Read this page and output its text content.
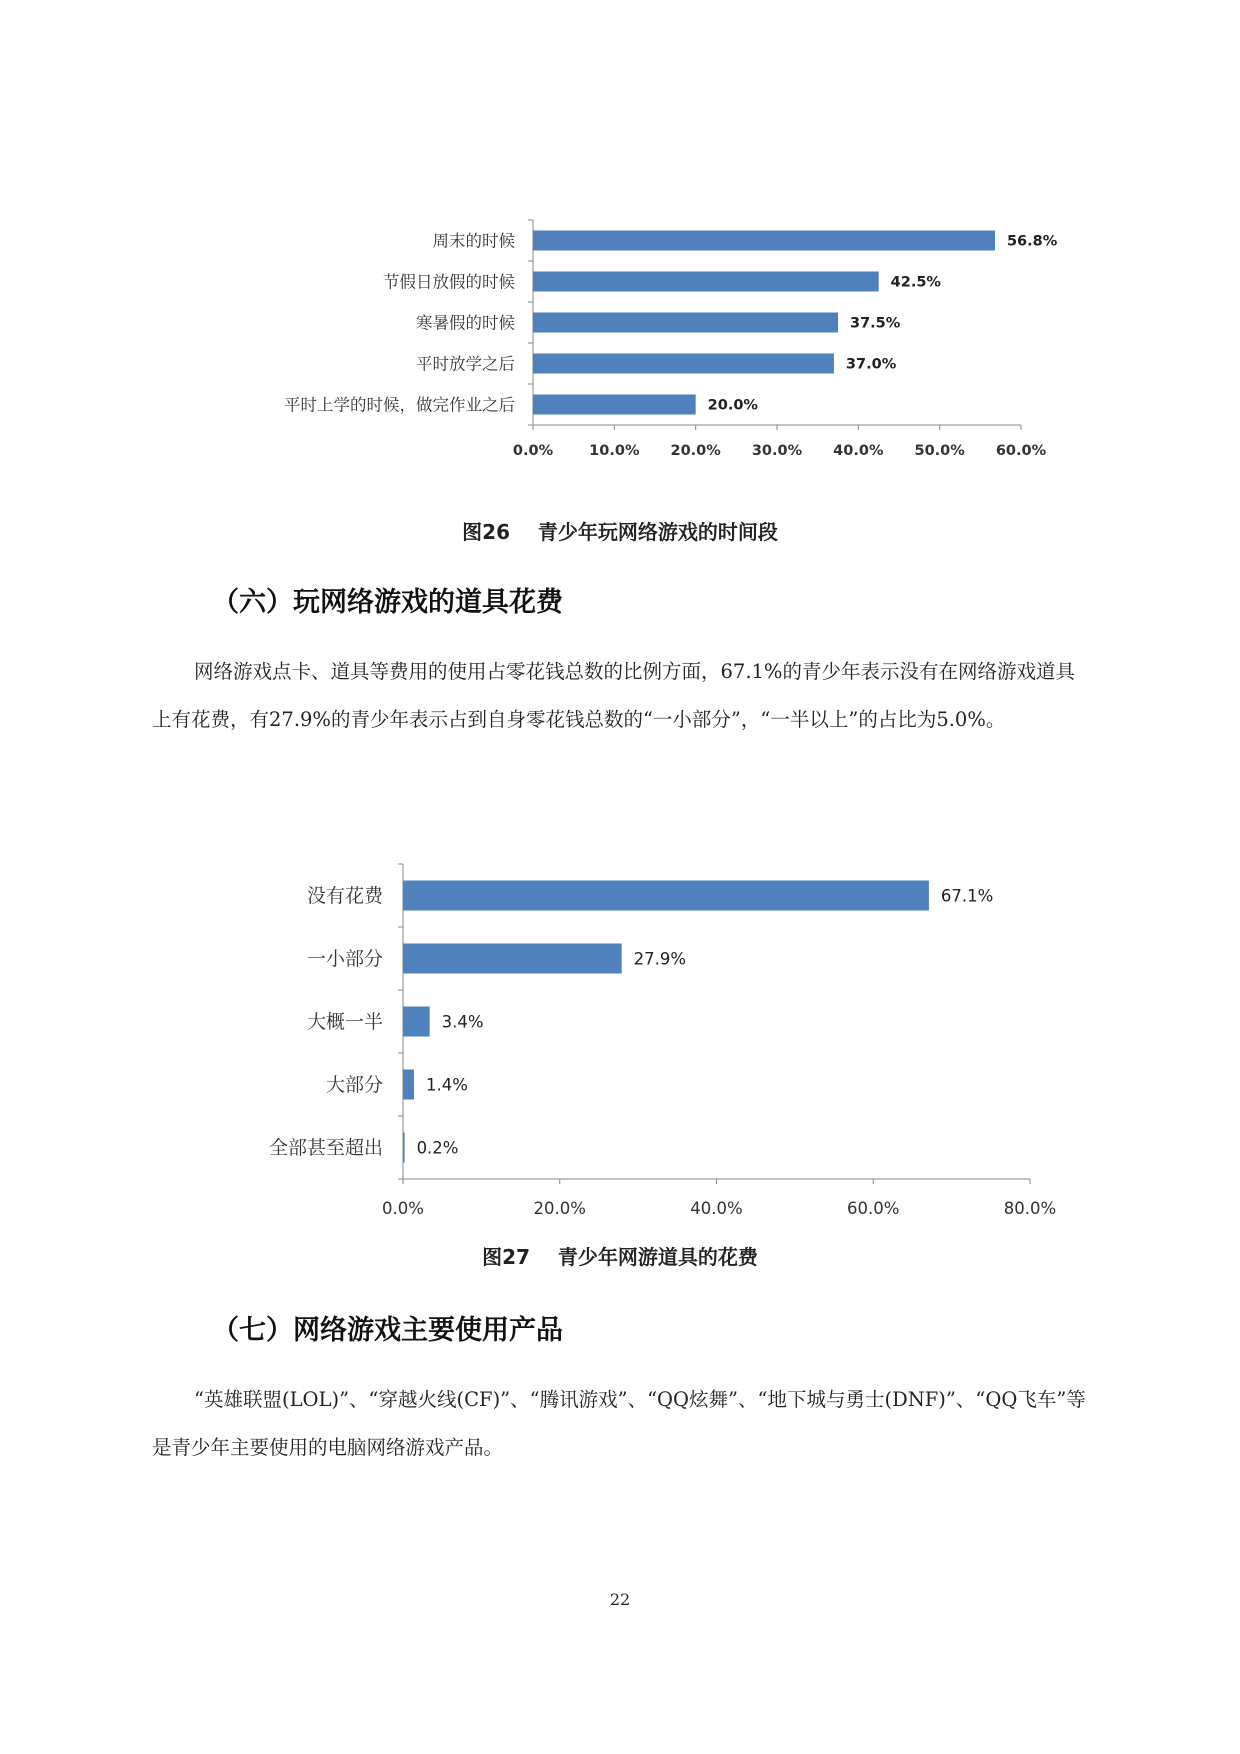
0.0% 10.0% 20.0% 30.0% 40.0% 50.0% 60.0%
周末的时候	56.8%
节假日放假的时候	42.5%
寒暑假的时候	37.5%
平时放学之后	37.0%
平时上学的时候，做完作业之后	20.0%
图26    青少年玩网络游戏的时间段
（六）玩网络游戏的道具花费
网络游戏点卡、道具等费用的使用占零花钱总数的比例方面，67.1%的青少年表示没有在网络游戏道具上有花费，有27.9%的青少年表示占到自身零花钱总数的“一小部分”，“一半以上”的占比为5.0%。
0.0%	20.0%	40.0%	60.0%	80.0%
没有花费	67.1%
一小部分	27.9%
大概一半	3.4%
大部分	1.4%
全部甚至超出 0.2%
图27    青少年网游道具的花费
（七）网络游戏主要使用产品
“英雄联盟(LOL)”、“穿越火线(CF)”、“腾讯游戏”、“QQ炫舞”、“地下城与勇士(DNF)”、“QQ飞车”等是青少年主要使用的电脑网络游戏产品。
22
